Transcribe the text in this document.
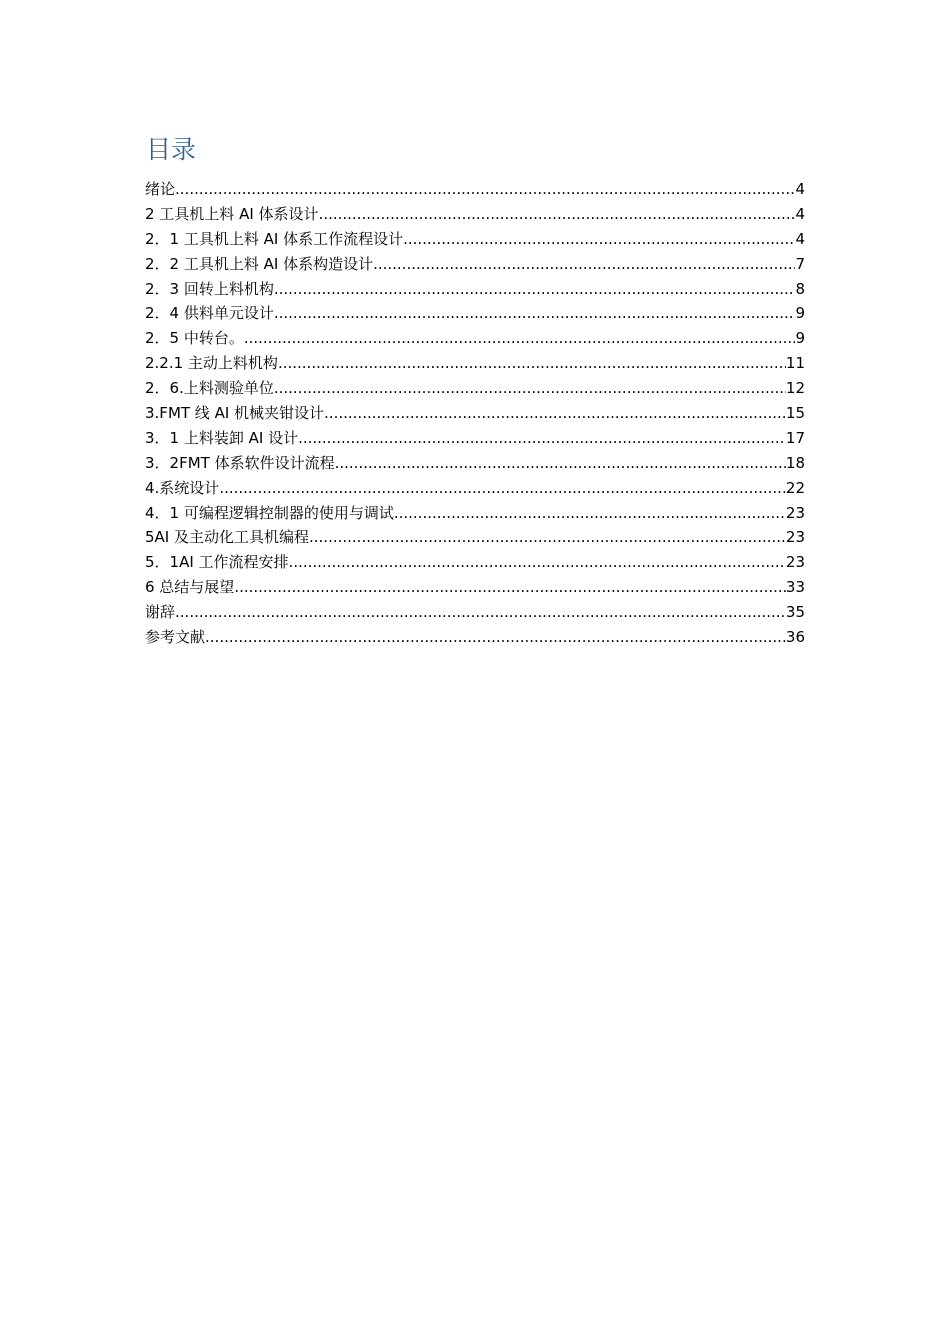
目录
绪论 .....	4
2 工具机上料 AI 体系设计 .....	4
2．1 工具机上料 AI 体系工作流程设计 .....	4
2．2 工具机上料 AI 体系构造设计 .....	7
2．3 回转上料机构 .....	8
2．4 供料单元设计 .....	9
2．5 中转台。 .....	9
2.2.1 主动上料机构 .....	11
2．6.上料测验单位 .....	12
3.FMT 线 AI 机械夹钳设计 .....	15
3．1 上料装卸 AI 设计 .....	17
3．2FMT 体系软件设计流程 .....	18
4.系统设计 .....	22
4．1 可编程逻辑控制器的使用与调试 .....	23
5AI 及主动化工具机编程 .....	23
5．1AI 工作流程安排 .....	23
6 总结与展望 .....	33
谢辞 .....	35
参考文献 .....	36
